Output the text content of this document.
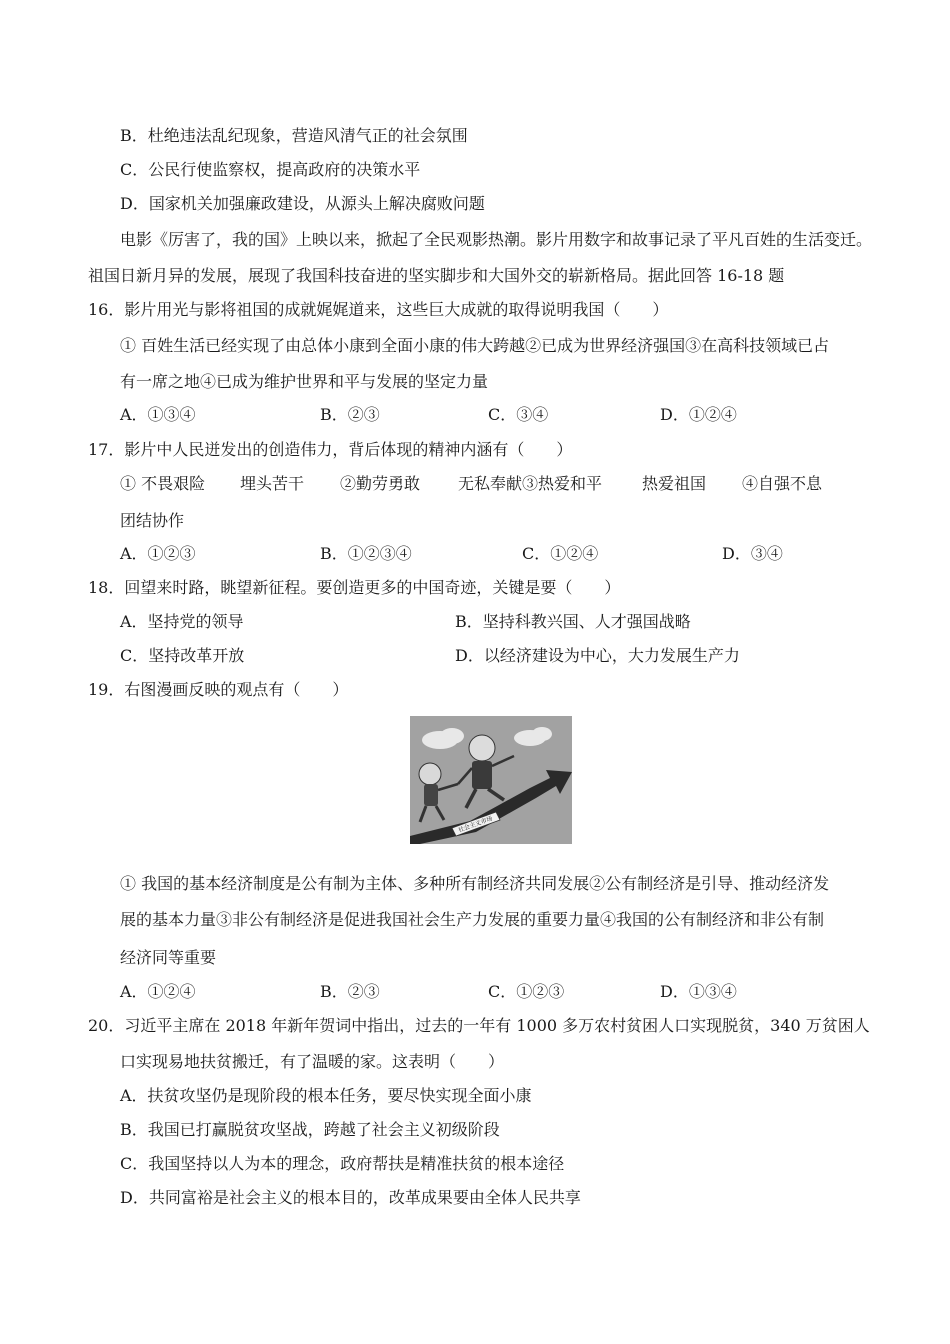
B．杜绝违法乱纪现象，营造风清气正的社会氛围
C．公民行使监察权，提高政府的决策水平
D．国家机关加强廉政建设，从源头上解决腐败问题
电影《厉害了，我的国》上映以来，掀起了全民观影热潮。影片用数字和故事记录了平凡百姓的生活变迁。
祖国日新月异的发展，展现了我国科技奋进的坚实脚步和大国外交的崭新格局。据此回答 16-18 题
16．影片用光与影将祖国的成就娓娓道来，这些巨大成就的取得说明我国（　　）
① 百姓生活已经实现了由总体小康到全面小康的伟大跨越②已成为世界经济强国③在高科技领域已占
有一席之地④已成为维护世界和平与发展的坚定力量
A．①③④	B．②③	C．③④	D．①②④
17．影片中人民迸发出的创造伟力，背后体现的精神内涵有（　　）
① 不畏艰险 埋头苦干 ②勤劳勇敢 无私奉献③热爱和平 热爱祖国 ④自强不息
团结协作
A．①②③	B．①②③④	C．①②④	D．③④
18．回望来时路，眺望新征程。要创造更多的中国奇迹，关键是要（　　）
A．坚持党的领导	B．坚持科教兴国、人才强国战略
C．坚持改革开放	D．以经济建设为中心，大力发展生产力
19．右图漫画反映的观点有（　　）
社会主义市场
① 我国的基本经济制度是公有制为主体、多种所有制经济共同发展②公有制经济是引导、推动经济发
展的基本力量③非公有制经济是促进我国社会生产力发展的重要力量④我国的公有制经济和非公有制
经济同等重要
A．①②④	B．②③	C．①②③	D．①③④
20．习近平主席在 2018 年新年贺词中指出，过去的一年有 1000 多万农村贫困人口实现脱贫，340 万贫困人
口实现易地扶贫搬迁，有了温暖的家。这表明（　　）
A．扶贫攻坚仍是现阶段的根本任务，要尽快实现全面小康
B．我国已打赢脱贫攻坚战，跨越了社会主义初级阶段
C．我国坚持以人为本的理念，政府帮扶是精准扶贫的根本途径
D．共同富裕是社会主义的根本目的，改革成果要由全体人民共享
